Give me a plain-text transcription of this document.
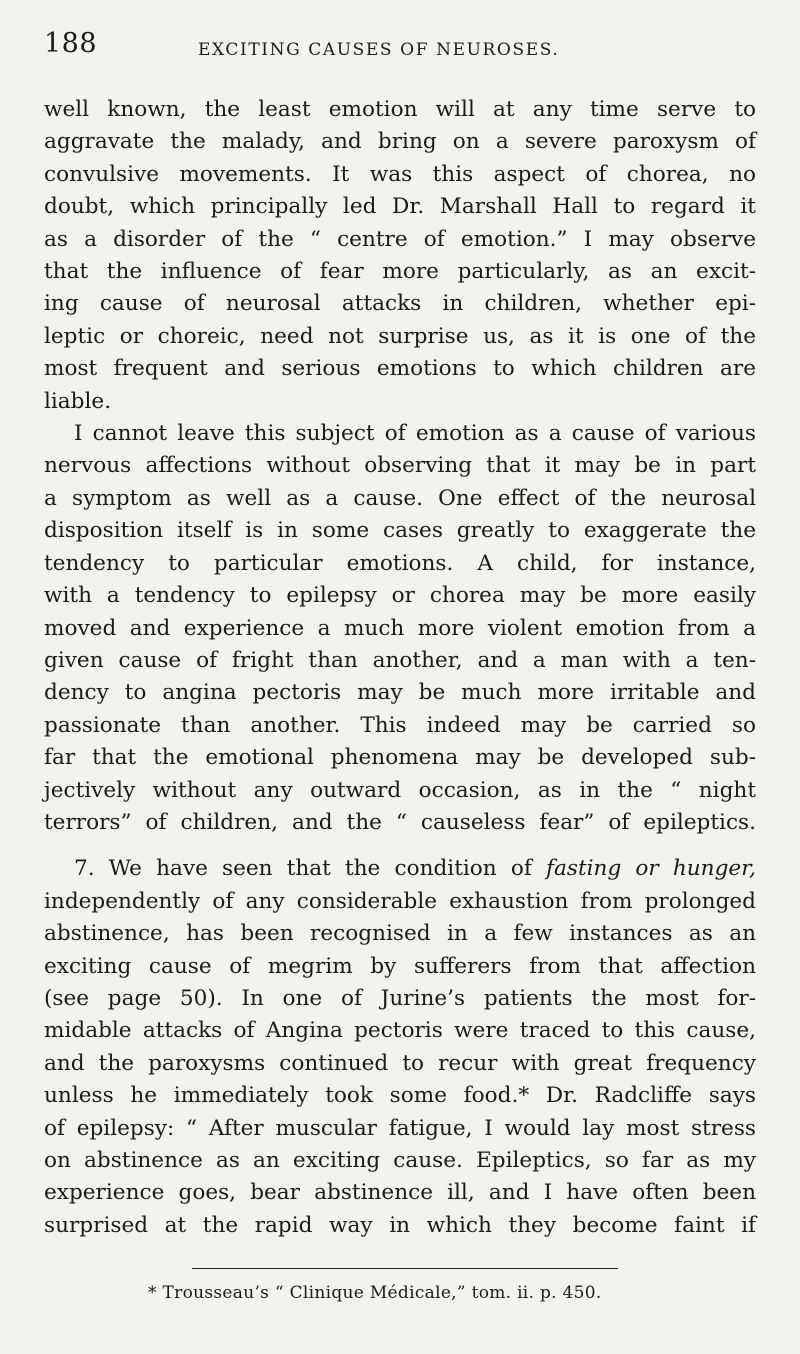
188	EXCITING CAUSES OF NEUROSES.

well known, the least emotion will at any time serve to
aggravate the malady, and bring on a severe paroxysm of
convulsive movements. It was this aspect of chorea, no
doubt, which principally led Dr. Marshall Hall to regard it
as a disorder of the “ centre of emotion.” I may observe
that the influence of fear more particularly, as an excit-
ing cause of neurosal attacks in children, whether epi-
leptic or choreic, need not surprise us, as it is one of the
most frequent and serious emotions to which children are
liable.

I cannot leave this subject of emotion as a cause of various
nervous affections without observing that it may be in part
a symptom as well as a cause. One effect of the neurosal
disposition itself is in some cases greatly to exaggerate the
tendency to particular emotions. A child, for instance,
with a tendency to epilepsy or chorea may be more easily
moved and experience a much more violent emotion from a
given cause of fright than another, and a man with a ten-
dency to angina pectoris may be much more irritable and
passionate than another. This indeed may be carried so
far that the emotional phenomena may be developed sub-
jectively without any outward occasion, as in the “ night
terrors” of children, and the “ causeless fear” of epileptics.

7. We have seen that the condition of fasting or hunger,
independently of any considerable exhaustion from prolonged
abstinence, has been recognised in a few instances as an
exciting cause of megrim by sufferers from that affection
(see page 50). In one of Jurine’s patients the most for-
midable attacks of Angina pectoris were traced to this cause,
and the paroxysms continued to recur with great frequency
unless he immediately took some food.* Dr. Radcliffe says
of epilepsy: “ After muscular fatigue, I would lay most stress
on abstinence as an exciting cause. Epileptics, so far as my
experience goes, bear abstinence ill, and I have often been
surprised at the rapid way in which they become faint if

* Trousseau’s “ Clinique Médicale,” tom. ii. p. 450.
